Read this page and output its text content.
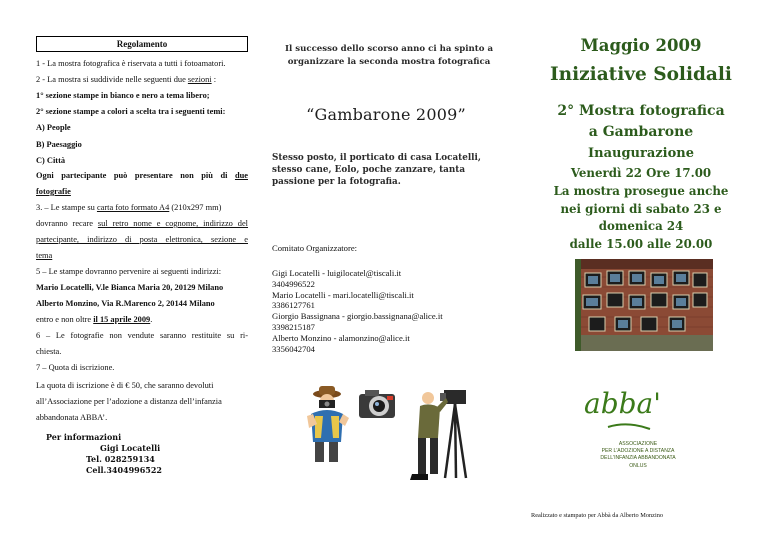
Regolamento
1 - La mostra fotografica è riservata a tutti i fotoamatori.
2 - La mostra si suddivide nelle seguenti due sezioni :
1° sezione stampe in bianco e nero a tema libero;
2° sezione stampe a colori a scelta tra i seguenti temi:
A) People
B) Paesaggio
C) Città
Ogni partecipante può presentare non più di due
fotografie
3. – Le stampe su carta foto formato A4 (210x297 mm)
dovranno recare sul retro nome e cognome, indirizzo del
partecipante, indirizzo di posta elettronica, sezione e
tema
5 – Le stampe dovranno pervenire ai seguenti indirizzi:
Mario Locatelli, V.le Bianca Maria 20, 20129 Milano
Alberto Monzino, Via R.Marenco 2, 20144 Milano
entro e non oltre il 15 aprile 2009.
6 – Le fotografie non vendute saranno restituite su ri-
chiesta.
7 – Quota di iscrizione.
La quota di iscrizione è di € 50, che saranno devoluti all’Associazione per l’adozione a distanza dell’infanzia abbandonata ABBA’.
Per informazioni
Gigi Locatelli
Tel. 028259134
Cell.3404996522
Il successo dello scorso anno ci ha spinto a
organizzare la seconda mostra fotografica
“Gambarone 2009”
Stesso posto, il porticato di casa Locatelli,
stesso cane, Eolo, poche zanzare, tanta
passione per la fotografia.
Comitato Organizzatore:
Gigi Locatelli - luigilocatel@tiscali.it
3404996522
Mario Locatelli - mari.locatelli@tiscali.it
3386127761
Giorgio Bassignana - giorgio.bassignana@alice.it
3398215187
Alberto Monzino - alamonzino@alice.it
3356042704
Maggio 2009
Iniziative Solidali
2° Mostra fotografica
a Gambarone
Inaugurazione
Venerdì 22 Ore 17.00
La mostra prosegue anche
nei giorni di sabato 23 e
domenica 24
dalle 15.00 alle 20.00
abba'
ASSOCIAZIONE
PER L'ADOZIONE A DISTANZA
DELL'INFANZIA ABBANDONATA
ONLUS
Realizzato e stampato per Abbà da Alberto Monzino
